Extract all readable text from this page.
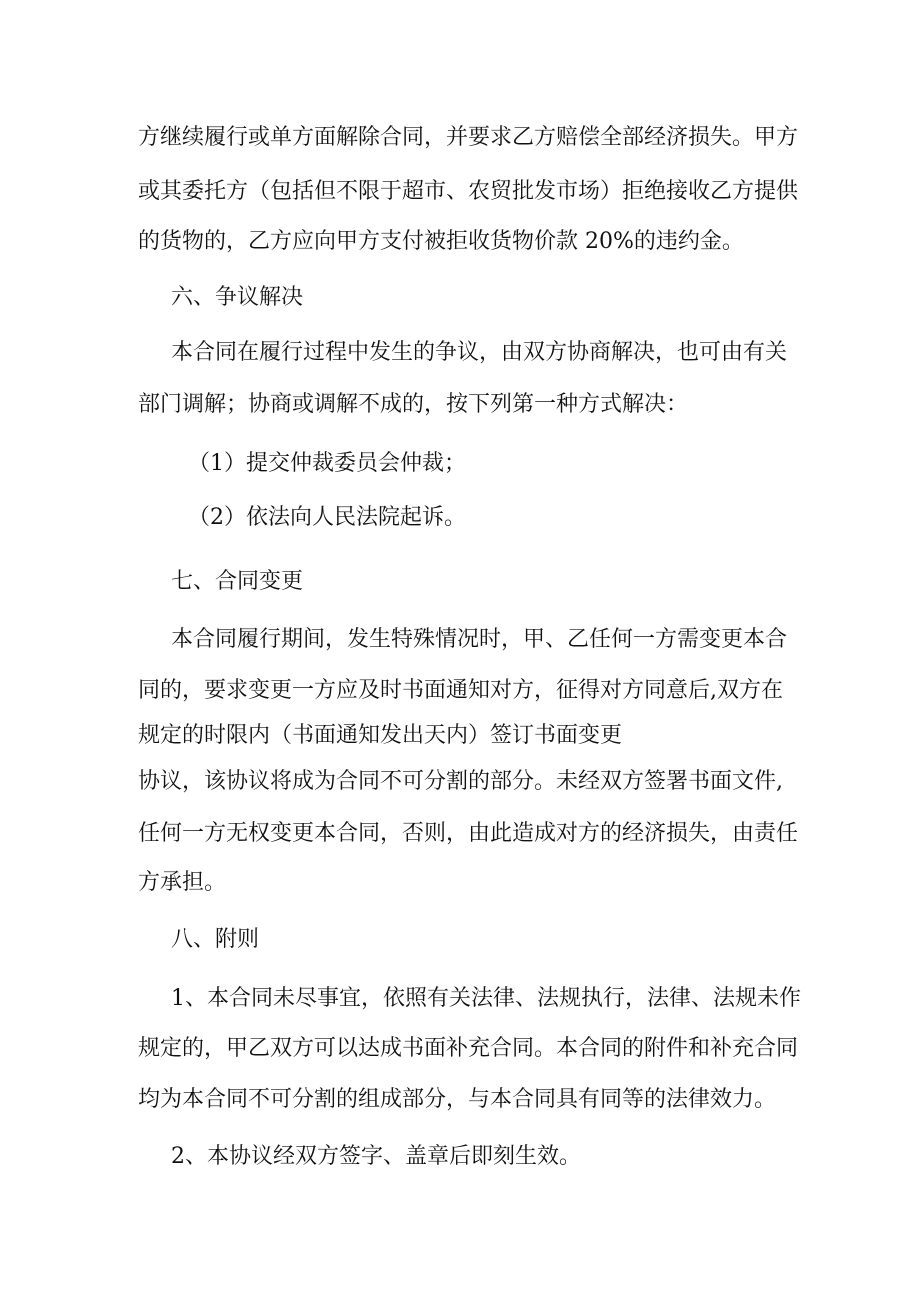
方继续履行或单方面解除合同，并要求乙方赔偿全部经济损失。甲方
或其委托方（包括但不限于超市、农贸批发市场）拒绝接收乙方提供
的货物的，乙方应向甲方支付被拒收货物价款 20%的违约金。
六、争议解决
本合同在履行过程中发生的争议，由双方协商解决，也可由有关
部门调解；协商或调解不成的，按下列第一种方式解决：
（1）提交仲裁委员会仲裁；
（2）依法向人民法院起诉。
七、合同变更
本合同履行期间，发生特殊情况时，甲、乙任何一方需变更本合
同的，要求变更一方应及时书面通知对方，征得对方同意后,双方在
规定的时限内（书面通知发出天内）签订书面变更
协议，该协议将成为合同不可分割的部分。未经双方签署书面文件,
任何一方无权变更本合同，否则，由此造成对方的经济损失，由责任
方承担。
八、附则
1、本合同未尽事宜，依照有关法律、法规执行，法律、法规未作
规定的，甲乙双方可以达成书面补充合同。本合同的附件和补充合同
均为本合同不可分割的组成部分，与本合同具有同等的法律效力。
2、本协议经双方签字、盖章后即刻生效。
